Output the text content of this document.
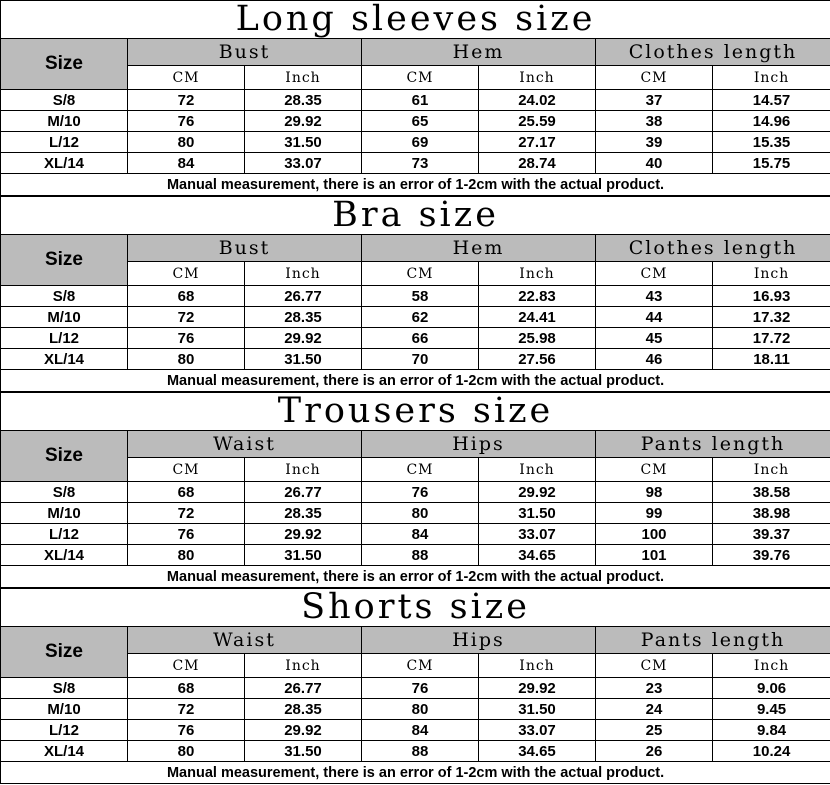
Long sleeves size						
Size	Bust		Hem		Clothes length	
	CM	Inch	CM	Inch	CM	Inch
S/8	72	28.35	61	24.02	37	14.57
M/10	76	29.92	65	25.59	38	14.96
L/12	80	31.50	69	27.17	39	15.35
XL/14	84	33.07	73	28.74	40	15.75
Manual measurement, there is an error of 1-2cm with the actual product.						
Bra size						
Size	Bust		Hem		Clothes length	
	CM	Inch	CM	Inch	CM	Inch
S/8	68	26.77	58	22.83	43	16.93
M/10	72	28.35	62	24.41	44	17.32
L/12	76	29.92	66	25.98	45	17.72
XL/14	80	31.50	70	27.56	46	18.11
Manual measurement, there is an error of 1-2cm with the actual product.						
Trousers size						
Size	Waist		Hips		Pants length	
	CM	Inch	CM	Inch	CM	Inch
S/8	68	26.77	76	29.92	98	38.58
M/10	72	28.35	80	31.50	99	38.98
L/12	76	29.92	84	33.07	100	39.37
XL/14	80	31.50	88	34.65	101	39.76
Manual measurement, there is an error of 1-2cm with the actual product.						
Shorts size						
Size	Waist		Hips		Pants length	
	CM	Inch	CM	Inch	CM	Inch
S/8	68	26.77	76	29.92	23	9.06
M/10	72	28.35	80	31.50	24	9.45
L/12	76	29.92	84	33.07	25	9.84
XL/14	80	31.50	88	34.65	26	10.24
Manual measurement, there is an error of 1-2cm with the actual product.						
